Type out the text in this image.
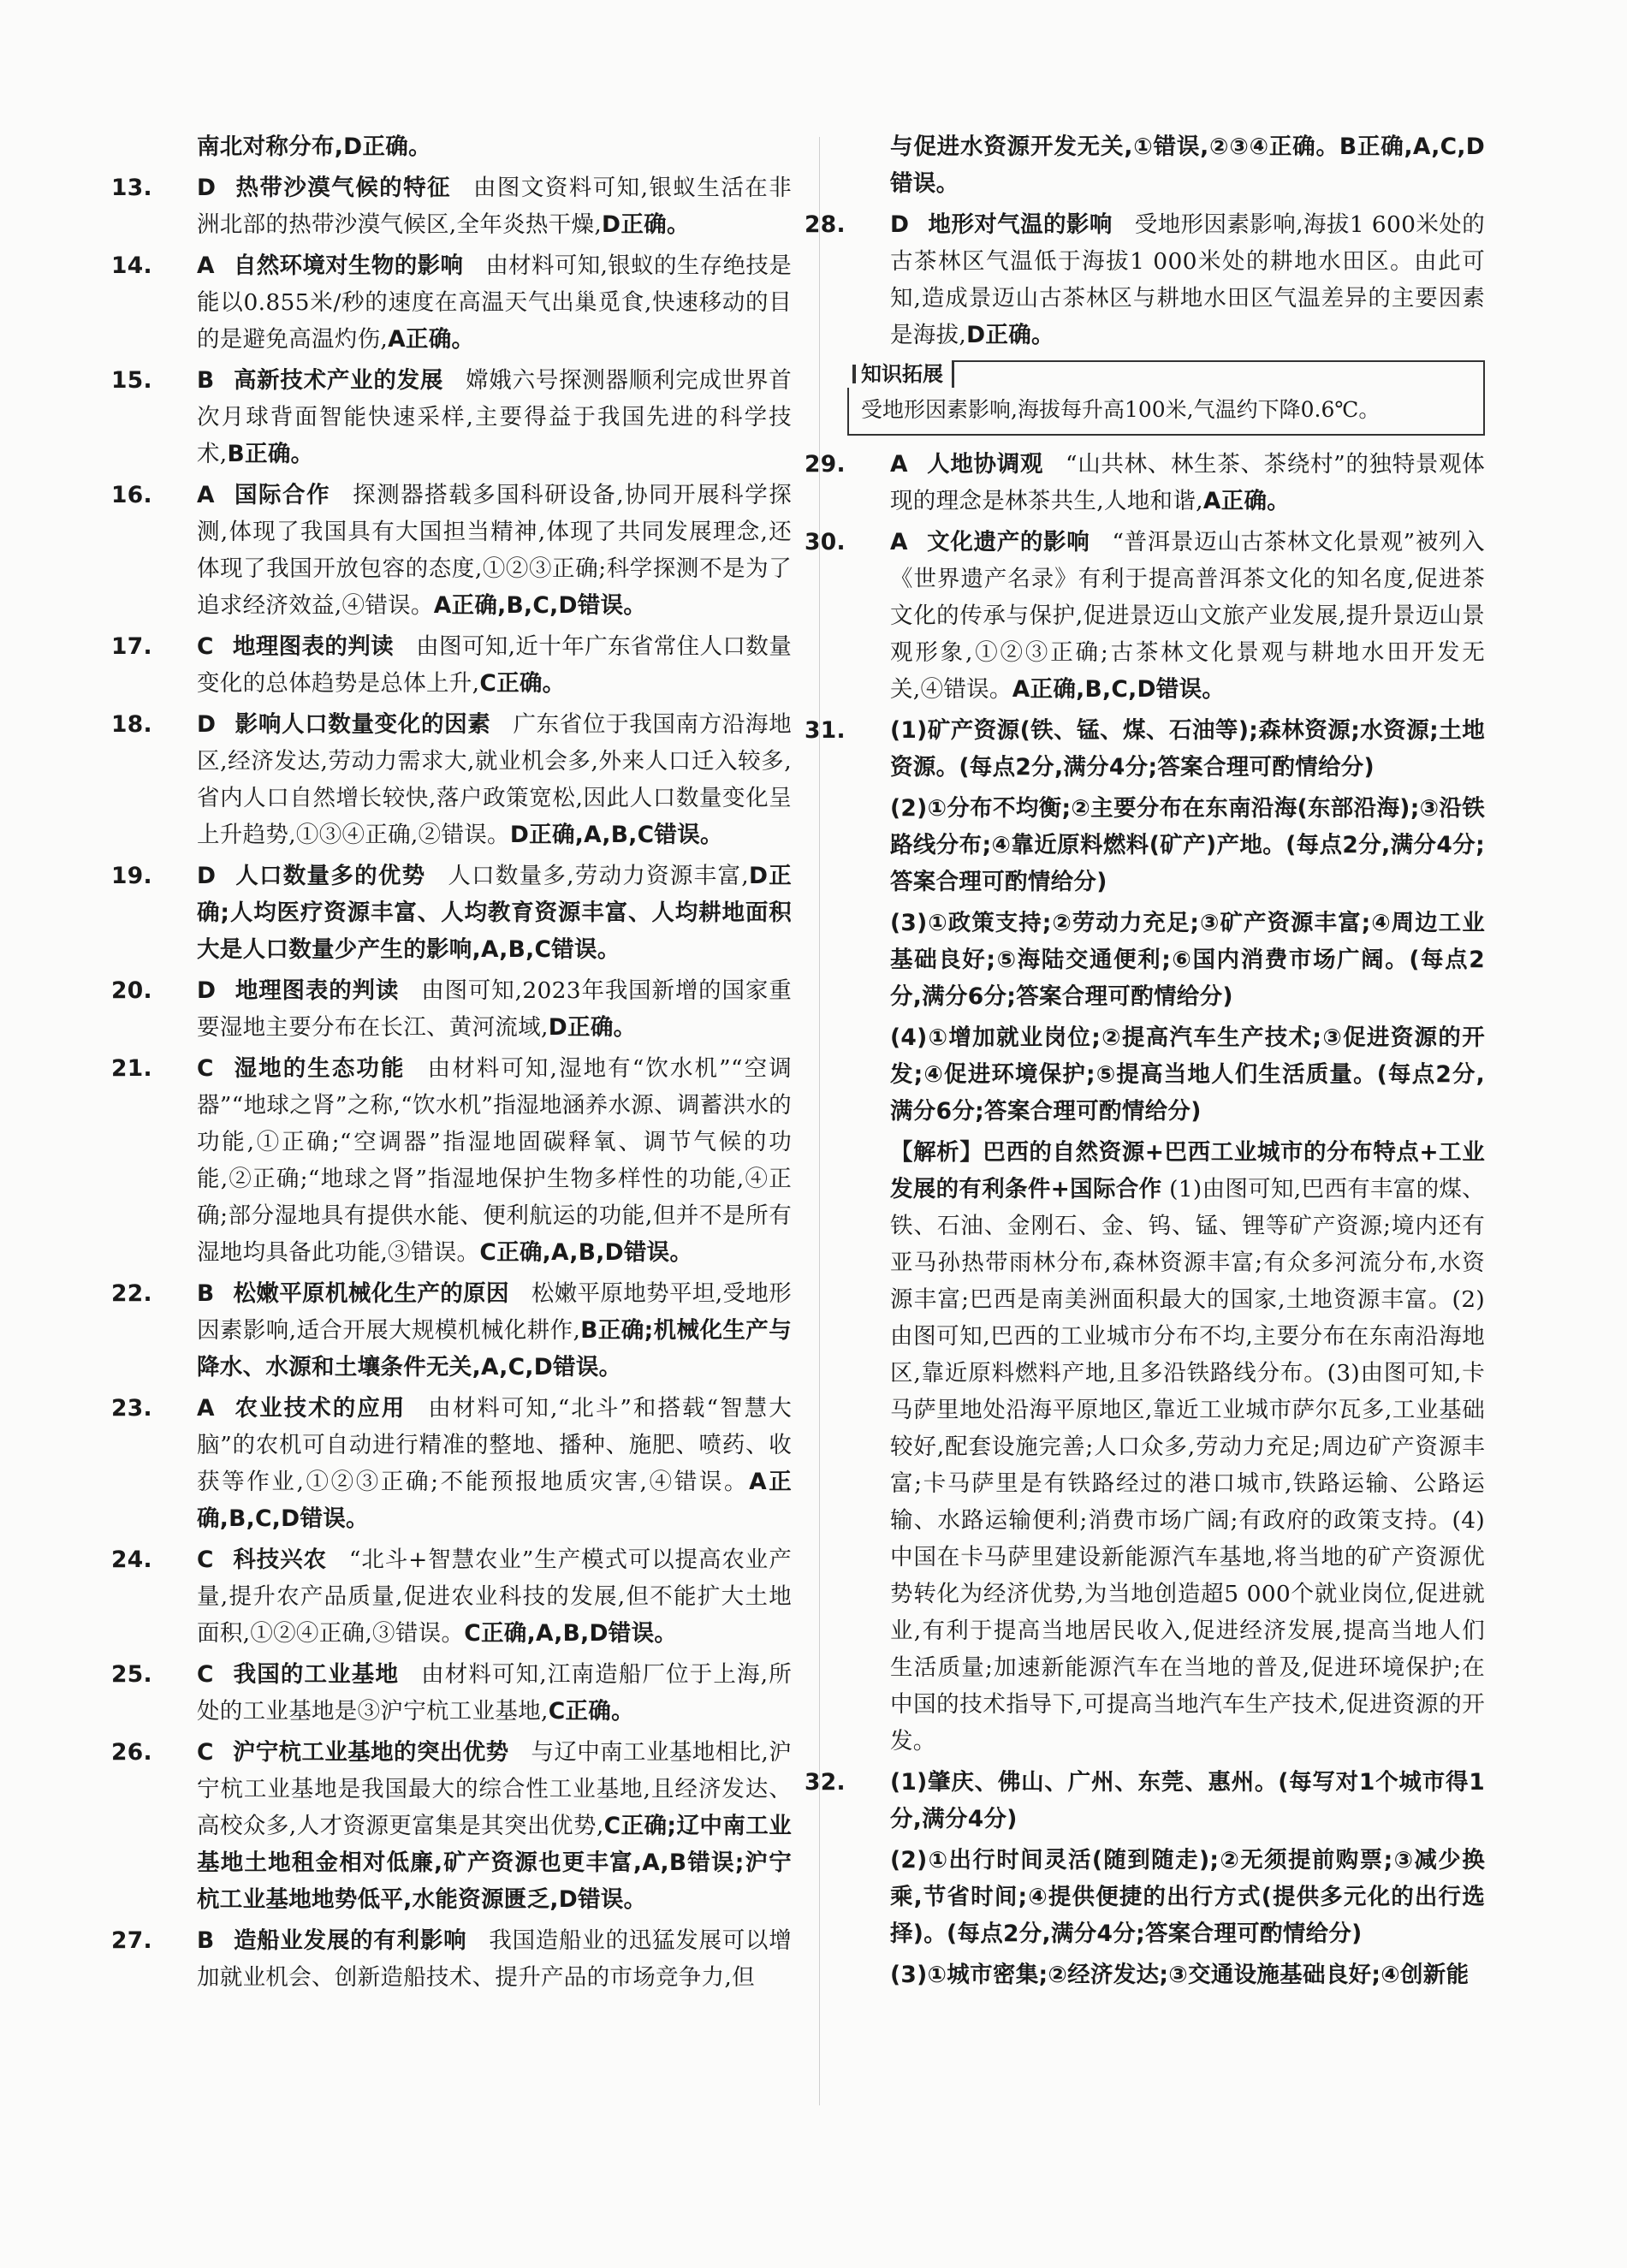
南北对称分布,D正确。

13. D 热带沙漠气候的特征 由图文资料可知,银蚁生活在非洲北部的热带沙漠气候区,全年炎热干燥,D正确。

14. A 自然环境对生物的影响 由材料可知,银蚁的生存绝技是能以0.855米/秒的速度在高温天气出巢觅食,快速移动的目的是避免高温灼伤,A正确。

15. B 高新技术产业的发展 嫦娥六号探测器顺利完成世界首次月球背面智能快速采样,主要得益于我国先进的科学技术,B正确。

16. A 国际合作 探测器搭载多国科研设备,协同开展科学探测,体现了我国具有大国担当精神,体现了共同发展理念,还体现了我国开放包容的态度,①②③正确;科学探测不是为了追求经济效益,④错误。A正确,B,C,D错误。

17. C 地理图表的判读 由图可知,近十年广东省常住人口数量变化的总体趋势是总体上升,C正确。

18. D 影响人口数量变化的因素 广东省位于我国南方沿海地区,经济发达,劳动力需求大,就业机会多,外来人口迁入较多,省内人口自然增长较快,落户政策宽松,因此人口数量变化呈上升趋势,①③④正确,②错误。D正确,A,B,C错误。

19. D 人口数量多的优势 人口数量多,劳动力资源丰富,D正确;人均医疗资源丰富、人均教育资源丰富、人均耕地面积大是人口数量少产生的影响,A,B,C错误。

20. D 地理图表的判读 由图可知,2023年我国新增的国家重要湿地主要分布在长江、黄河流域,D正确。

21. C 湿地的生态功能 由材料可知,湿地有“饮水机”“空调器”“地球之肾”之称,“饮水机”指湿地涵养水源、调蓄洪水的功能,①正确;“空调器”指湿地固碳释氧、调节气候的功能,②正确;“地球之肾”指湿地保护生物多样性的功能,④正确;部分湿地具有提供水能、便利航运的功能,但并不是所有湿地均具备此功能,③错误。C正确,A,B,D错误。

22. B 松嫩平原机械化生产的原因 松嫩平原地势平坦,受地形因素影响,适合开展大规模机械化耕作,B正确;机械化生产与降水、水源和土壤条件无关,A,C,D错误。

23. A 农业技术的应用 由材料可知,“北斗”和搭载“智慧大脑”的农机可自动进行精准的整地、播种、施肥、喷药、收获等作业,①②③正确;不能预报地质灾害,④错误。A正确,B,C,D错误。

24. C 科技兴农 “北斗+智慧农业”生产模式可以提高农业产量,提升农产品质量,促进农业科技的发展,但不能扩大土地面积,①②④正确,③错误。C正确,A,B,D错误。

25. C 我国的工业基地 由材料可知,江南造船厂位于上海,所处的工业基地是③沪宁杭工业基地,C正确。

26. C 沪宁杭工业基地的突出优势 与辽中南工业基地相比,沪宁杭工业基地是我国最大的综合性工业基地,且经济发达、高校众多,人才资源更富集是其突出优势,C正确;辽中南工业基地土地租金相对低廉,矿产资源也更丰富,A,B错误;沪宁杭工业基地地势低平,水能资源匮乏,D错误。

27. B 造船业发展的有利影响 我国造船业的迅猛发展可以增加就业机会、创新造船技术、提升产品的市场竞争力,但

与促进水资源开发无关,①错误,②③④正确。B正确,A,C,D错误。

28. D 地形对气温的影响 受地形因素影响,海拔1 600米处的古茶林区气温低于海拔1 000米处的耕地水田区。由此可知,造成景迈山古茶林区与耕地水田区气温差异的主要因素是海拔,D正确。

知识拓展
受地形因素影响,海拔每升高100米,气温约下降0.6℃。

29. A 人地协调观 “山共林、林生茶、茶绕村”的独特景观体现的理念是林茶共生,人地和谐,A正确。

30. A 文化遗产的影响 “普洱景迈山古茶林文化景观”被列入《世界遗产名录》有利于提高普洱茶文化的知名度,促进茶文化的传承与保护,促进景迈山文旅产业发展,提升景迈山景观形象,①②③正确;古茶林文化景观与耕地水田开发无关,④错误。A正确,B,C,D错误。

31. (1)矿产资源(铁、锰、煤、石油等);森林资源;水资源;土地资源。(每点2分,满分4分;答案合理可酌情给分)

(2)①分布不均衡;②主要分布在东南沿海(东部沿海);③沿铁路线分布;④靠近原料燃料(矿产)产地。(每点2分,满分4分;答案合理可酌情给分)

(3)①政策支持;②劳动力充足;③矿产资源丰富;④周边工业基础良好;⑤海陆交通便利;⑥国内消费市场广阔。(每点2分,满分6分;答案合理可酌情给分)

(4)①增加就业岗位;②提高汽车生产技术;③促进资源的开发;④促进环境保护;⑤提高当地人们生活质量。(每点2分,满分6分;答案合理可酌情给分)

【解析】巴西的自然资源+巴西工业城市的分布特点+工业发展的有利条件+国际合作 (1)由图可知,巴西有丰富的煤、铁、石油、金刚石、金、钨、锰、锂等矿产资源;境内还有亚马孙热带雨林分布,森林资源丰富;有众多河流分布,水资源丰富;巴西是南美洲面积最大的国家,土地资源丰富。(2)由图可知,巴西的工业城市分布不均,主要分布在东南沿海地区,靠近原料燃料产地,且多沿铁路线分布。(3)由图可知,卡马萨里地处沿海平原地区,靠近工业城市萨尔瓦多,工业基础较好,配套设施完善;人口众多,劳动力充足;周边矿产资源丰富;卡马萨里是有铁路经过的港口城市,铁路运输、公路运输、水路运输便利;消费市场广阔;有政府的政策支持。(4)中国在卡马萨里建设新能源汽车基地,将当地的矿产资源优势转化为经济优势,为当地创造超5 000个就业岗位,促进就业,有利于提高当地居民收入,促进经济发展,提高当地人们生活质量;加速新能源汽车在当地的普及,促进环境保护;在中国的技术指导下,可提高当地汽车生产技术,促进资源的开发。

32. (1)肇庆、佛山、广州、东莞、惠州。(每写对1个城市得1分,满分4分)

(2)①出行时间灵活(随到随走);②无须提前购票;③减少换乘,节省时间;④提供便捷的出行方式(提供多元化的出行选择)。(每点2分,满分4分;答案合理可酌情给分)

(3)①城市密集;②经济发达;③交通设施基础良好;④创新能
